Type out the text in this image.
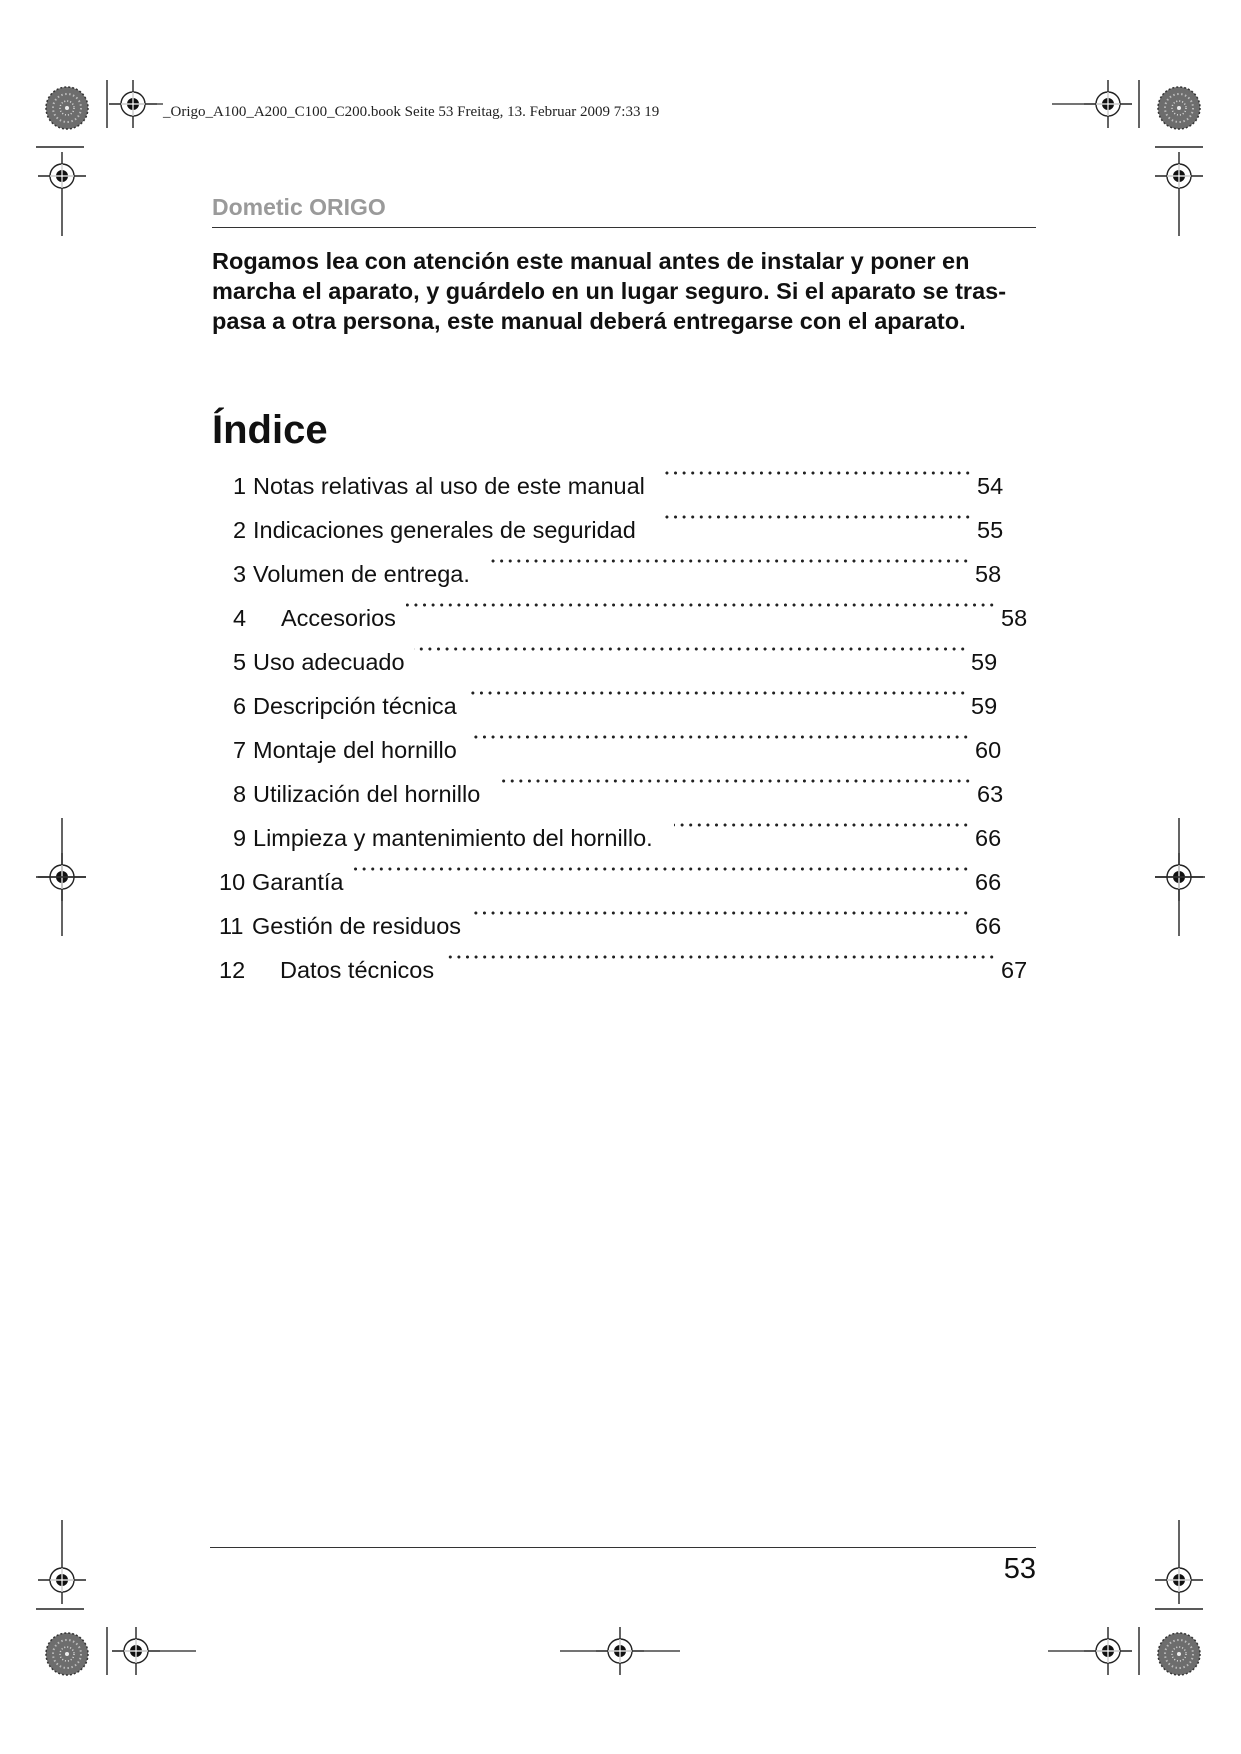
_Origo_A100_A200_C100_C200.book Seite 53 Freitag, 13. Februar 2009 7:33 19
Dometic ORIGO
Rogamos lea con atención este manual antes de instalar y poner en
marcha el aparato, y guárdelo en un lugar seguro. Si el aparato se tras-
pasa a otra persona, este manual deberá entregarse con el aparato.
Índice
1 Notas relativas al uso de este manual	54
2 Indicaciones generales de seguridad	55
3 Volumen de entrega.	58
4 Accesorios	58
5 Uso adecuado	59
6 Descripción técnica	59
7 Montaje del hornillo	60
8 Utilización del hornillo	63
9 Limpieza y mantenimiento del hornillo.	66
10 Garantía	66
11 Gestión de residuos	66
12 Datos técnicos	67
53
